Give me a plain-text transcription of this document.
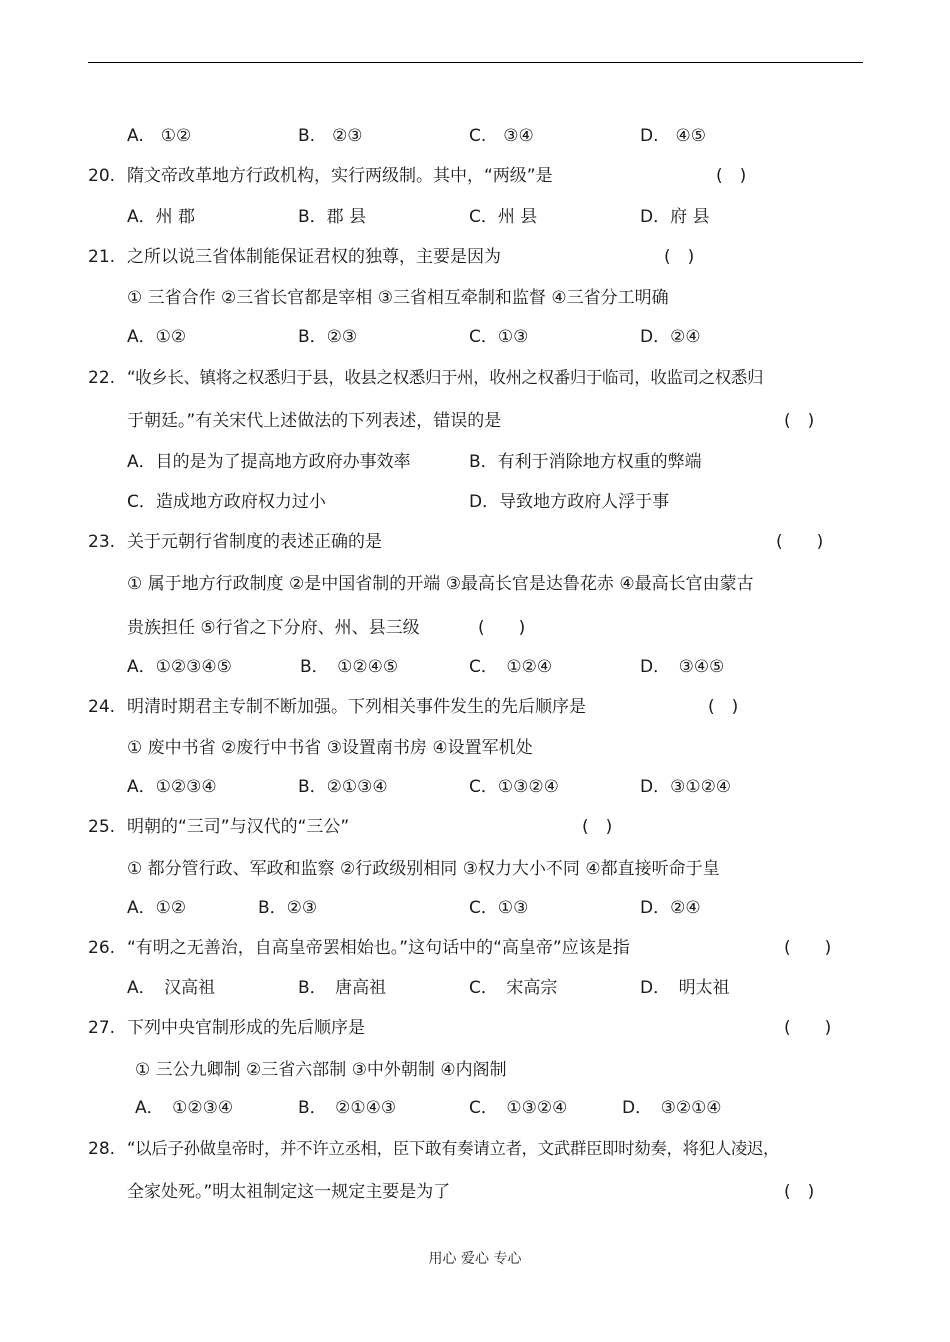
A.　①②	B.　②③	C.　③④	D.　④⑤
20. 隋文帝改革地方行政机构，实行两级制。其中，“两级”是	(　)
A．州 郡	B．郡 县	C．州 县	D．府 县
21. 之所以说三省体制能保证君权的独尊，主要是因为	(　)
① 三省合作 ②三省长官都是宰相 ③三省相互牵制和监督 ④三省分工明确
A．①②	B．②③	C．①③	D．②④
22. “收乡长、镇将之权悉归于县，收县之权悉归于州，收州之权番归于临司，收监司之权悉归
于朝廷。”有关宋代上述做法的下列表述，错误的是	(　)
A．目的是为了提高地方政府办事效率	B．有利于消除地方权重的弊端
C．造成地方政府权力过小	D．导致地方政府人浮于事
23. 关于元朝行省制度的表述正确的是	(　　)
① 属于地方行政制度 ②是中国省制的开端 ③最高长官是达鲁花赤 ④最高长官由蒙古
贵族担任 ⑤行省之下分府、州、县三级	(　　)
A．①②③④⑤	B．　①②④⑤	C．　①②④	D．　③④⑤
24. 明清时期君主专制不断加强。下列相关事件发生的先后顺序是	(　)
① 废中书省 ②废行中书省 ③设置南书房 ④设置军机处
A．①②③④	B．②①③④	C．①③②④	D．③①②④
25. 明朝的“三司”与汉代的“三公”	(　)
① 都分管行政、军政和监察 ②行政级别相同 ③权力大小不同 ④都直接听命于皇
A．①②	B．②③	C．①③	D．②④
26. “有明之无善治，自高皇帝罢相始也。”这句话中的“高皇帝”应该是指	(　　)
A．　汉高祖	B．　唐高祖	C．　宋高宗	D．　明太祖
27. 下列中央官制形成的先后顺序是	(　　)
① 三公九卿制 ②三省六部制 ③中外朝制 ④内阁制
A．　①②③④	B．　②①④③	C．　①③②④	D．　③②①④
28. “以后子孙做皇帝时，并不许立丞相，臣下敢有奏请立者，文武群臣即时劾奏，将犯人凌迟，
全家处死。”明太祖制定这一规定主要是为了	(　)
用心 爱心 专心
